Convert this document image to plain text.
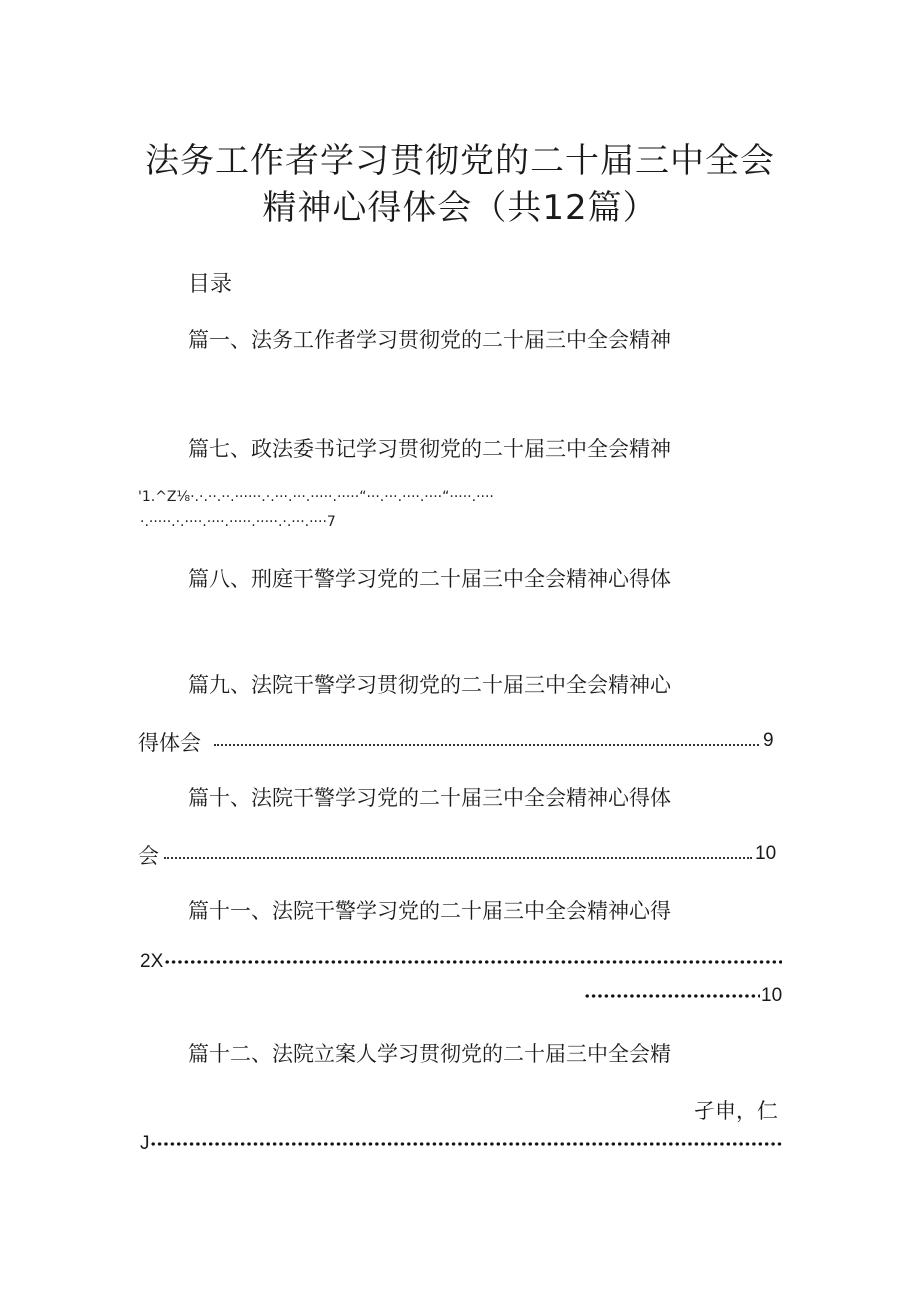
法务工作者学习贯彻党的二十届三中全会
精神心得体会（共12篇）
目录
篇一、法务工作者学习贯彻党的二十届三中全会精神
篇七、政法委书记学习贯彻党的二十届三中全会精神
'1.^Z⅛·.·.··.··.······.·.···.···.·····.·····“···.···.····.····“·····.····
·.·····.·.····.····.·····.·····.·.···.····7
篇八、刑庭干警学习党的二十届三中全会精神心得体
篇九、法院干警学习贯彻党的二十届三中全会精神心
得体会	9
篇十、法院干警学习党的二十届三中全会精神心得体
会	10
篇十一、法院干警学习党的二十届三中全会精神心得
2X
10
篇十二、法院立案人学习贯彻党的二十届三中全会精
孑申，仁
J
